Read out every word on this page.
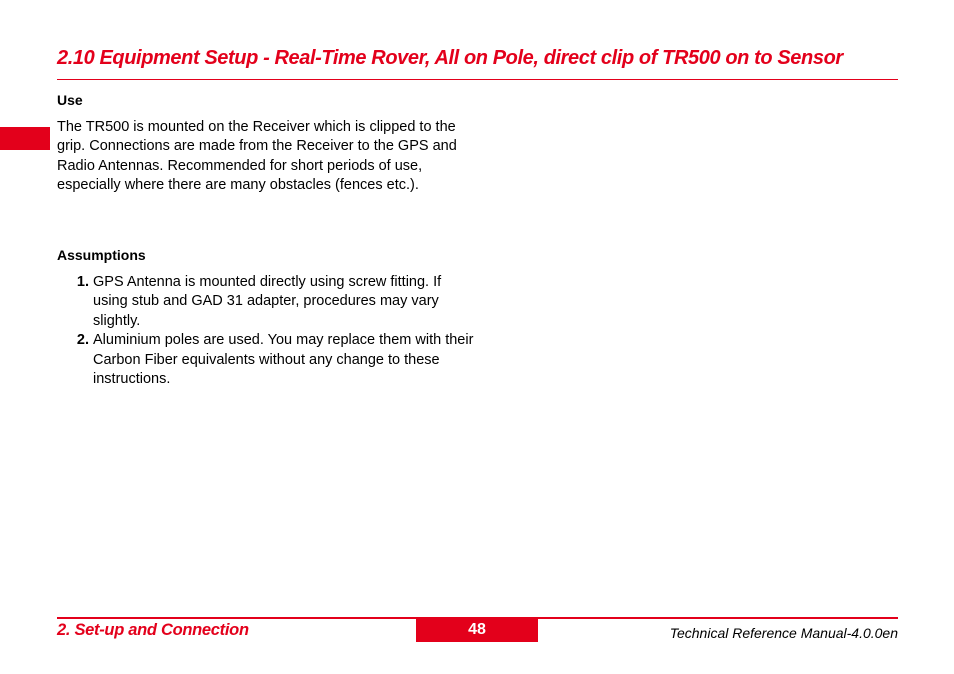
2.10 Equipment Setup - Real-Time Rover, All on Pole, direct clip of TR500 on to Sensor
Use
The TR500 is mounted on the Receiver which is clipped to the grip. Connections are made from the Receiver to the GPS and Radio Antennas. Recommended for short periods of use, especially where there are many obstacles (fences etc.).
Assumptions
1. GPS Antenna is mounted directly using screw fitting. If using stub and GAD 31 adapter, procedures may vary slightly.
2. Aluminium poles are used. You may replace them with their Carbon Fiber equivalents without any change to these instructions.
2. Set-up and Connection	48	Technical Reference Manual-4.0.0en
